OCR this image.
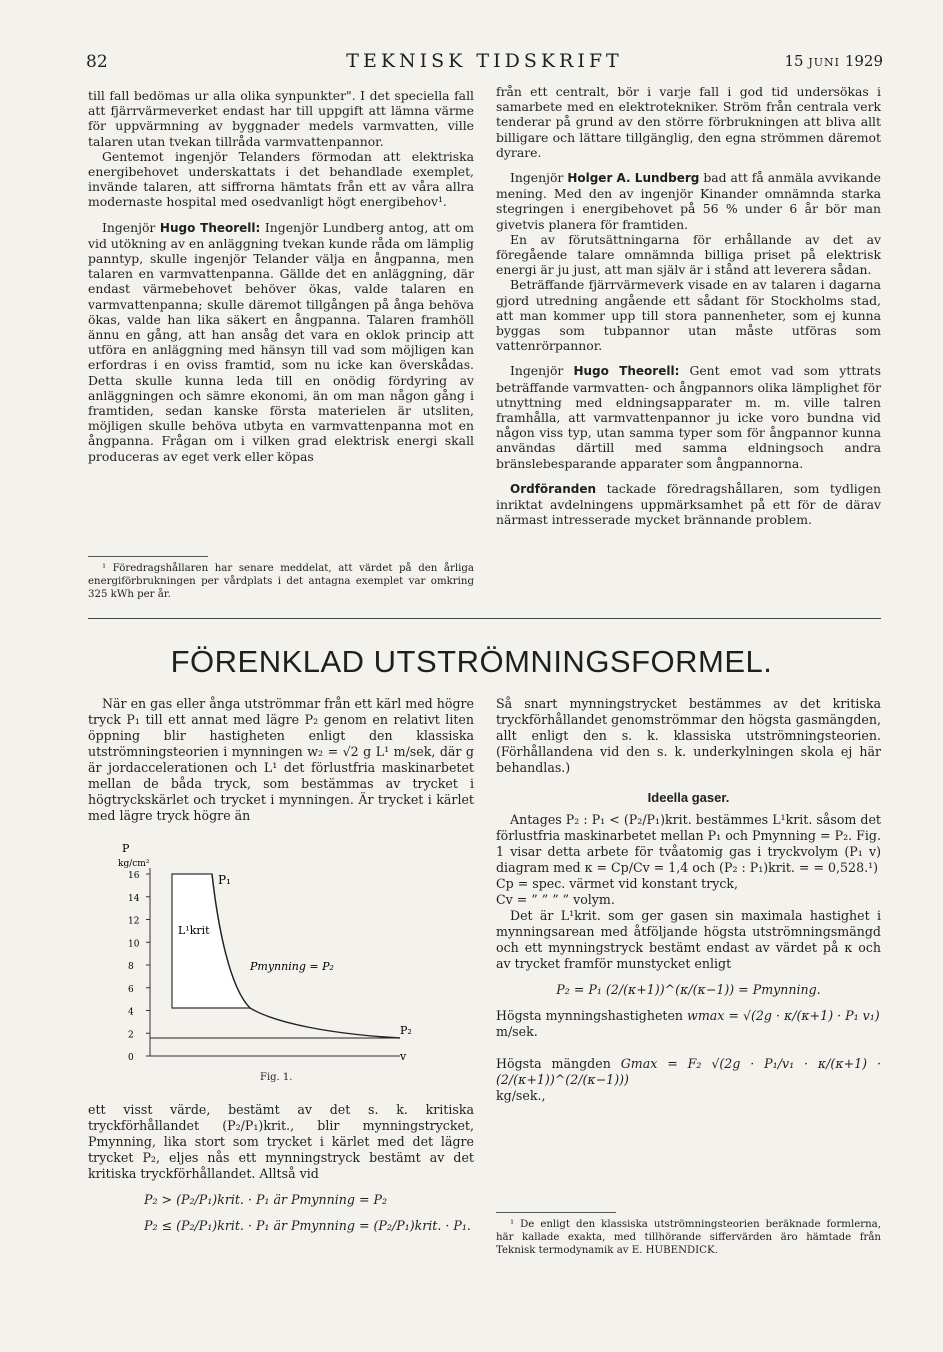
82	TEKNISK TIDSKRIFT	15 JUNI 1929

till fall bedömas ur alla olika synpunkter". I det speciella fall att fjärrvärmeverket endast har till uppgift att lämna värme för uppvärmning av byggnader medels varmvatten, ville talaren utan tvekan tillråda varmvattenpannor.

Gentemot ingenjör Telanders förmodan att elektriska energibehovet underskattats i det behandlade exemplet, invände talaren, att siffrorna hämtats från ett av våra allra modernaste hospital med osedvanligt högt energibehov¹.

Ingenjör Hugo Theorell: Ingenjör Lundberg antog, att om vid utökning av en anläggning tvekan kunde råda om lämplig panntyp, skulle ingenjör Telander välja en ångpanna, men talaren en varmvattenpanna. Gällde det en anläggning, där endast värmebehovet behöver ökas, valde talaren en varmvattenpanna; skulle däremot tillgången på ånga behöva ökas, valde han lika säkert en ångpanna. Talaren framhöll ännu en gång, att han ansåg det vara en oklok princip att utföra en anläggning med hänsyn till vad som möjligen kan erfordras i en oviss framtid, som nu icke kan överskådas. Detta skulle kunna leda till en onödig fördyring av anläggningen och sämre ekonomi, än om man någon gång i framtiden, sedan kanske första materielen är utsliten, möjligen skulle behöva utbyta en varmvattenpanna mot en ångpanna. Frågan om i vilken grad elektrisk energi skall produceras av eget verk eller köpas

¹ Föredragshållaren har senare meddelat, att värdet på den årliga energiförbrukningen per vårdplats i det antagna exemplet var omkring 325 kWh per år.

från ett centralt, bör i varje fall i god tid undersökas i samarbete med en elektrotekniker. Ström från centrala verk tenderar på grund av den större förbrukningen att bliva allt billigare och lättare tillgänglig, den egna strömmen däremot dyrare.

Ingenjör Holger A. Lundberg bad att få anmäla avvikande mening. Med den av ingenjör Kinander omnämnda starka stegringen i energibehovet på 56 % under 6 år bör man givetvis planera för framtiden.

En av förutsättningarna för erhållande av det av föregående talare omnämnda billiga priset på elektrisk energi är ju just, att man själv är i stånd att leverera sådan.

Beträffande fjärrvärmeverk visade en av talaren i dagarna gjord utredning angående ett sådant för Stockholms stad, att man kommer upp till stora pannenheter, som ej kunna byggas som tubpannor utan måste utföras som vattenrörpannor.

Ingenjör Hugo Theorell: Gent emot vad som yttrats beträffande varmvatten- och ångpannors olika lämplighet för utnyttning med eldningsapparater m. m. ville talren framhålla, att varmvattenpannor ju icke voro bundna vid någon viss typ, utan samma typer som för ångpannor kunna användas därtill med samma eldningsoch andra bränslebesparande apparater som ångpannorna.

Ordföranden tackade föredragshållaren, som tydligen inriktat avdelningens uppmärksamhet på ett för de därav närmast intresserade mycket brännande problem.

FÖRENKLAD UTSTRÖMNINGSFORMEL.

När en gas eller ånga utströmmar från ett kärl med högre tryck P₁ till ett annat med lägre P₂ genom en relativt liten öppning blir hastigheten enligt den klassiska utströmningsteorien i mynningen w₂ = √2 g L¹ m/sek, där g är jordaccelerationen och L¹ det förlustfria maskinarbetet mellan de båda tryck, som bestämmas av trycket i högtryckskärlet och trycket i mynningen. Är trycket i kärlet med lägre tryck högre än

P
kg/cm²
16
14
12
10
8
6
4
2
0
P₁
L¹krit
Pmynning = P₂
P₂
v
Fig. 1.

ett visst värde, bestämt av det s. k. kritiska tryckförhållandet (P₂/P₁)krit., blir mynningstrycket, Pmynning, lika stort som trycket i kärlet med det lägre trycket P₂, eljes nås ett mynningstryck bestämt av det kritiska tryckförhållandet. Alltså vid

P₂ > (P₂/P₁)krit. · P₁ är Pmynning = P₂
P₂ ≤ (P₂/P₁)krit. · P₁ är Pmynning = (P₂/P₁)krit. · P₁.

Så snart mynningstrycket bestämmes av det kritiska tryckförhållandet genomströmmar den högsta gasmängden, allt enligt den s. k. klassiska utströmningsteorien. (Förhållandena vid den s. k. underkylningen skola ej här behandlas.)

Ideella gaser.

Antages P₂ : P₁ < (P₂/P₁)krit. bestämmes L¹krit. såsom det förlustfria maskinarbetet mellan P₁ och Pmynning = P₂. Fig. 1 visar detta arbete för tvåatomig gas i tryckvolym (P₁ v) diagram med κ = Cp/Cv = 1,4 och (P₂ : P₁)krit. = = 0,528.¹)

Cp = spec. värmet vid konstant tryck,

Cv = ” ” ” ” volym.

Det är L¹krit. som ger gasen sin maximala hastighet i mynningsarean med åtföljande högsta utströmningsmängd och ett mynningstryck bestämt endast av värdet på κ och av trycket framför munstycket enligt

P₂ = P₁ (2/(κ+1))^(κ/(κ−1)) = Pmynning.

Högsta mynningshastigheten wmax = √(2g · κ/(κ+1) · P₁ v₁)

m/sek.

Högsta mängden Gmax = F₂ √(2g · P₁/v₁ · κ/(κ+1) · (2/(κ+1))^(2/(κ−1)))

kg/sek.,

¹ De enligt den klassiska utströmningsteorien beräknade formlerna, här kallade exakta, med tillhörande siffervärden äro hämtade från Teknisk termodynamik av E. HUBENDICK.
